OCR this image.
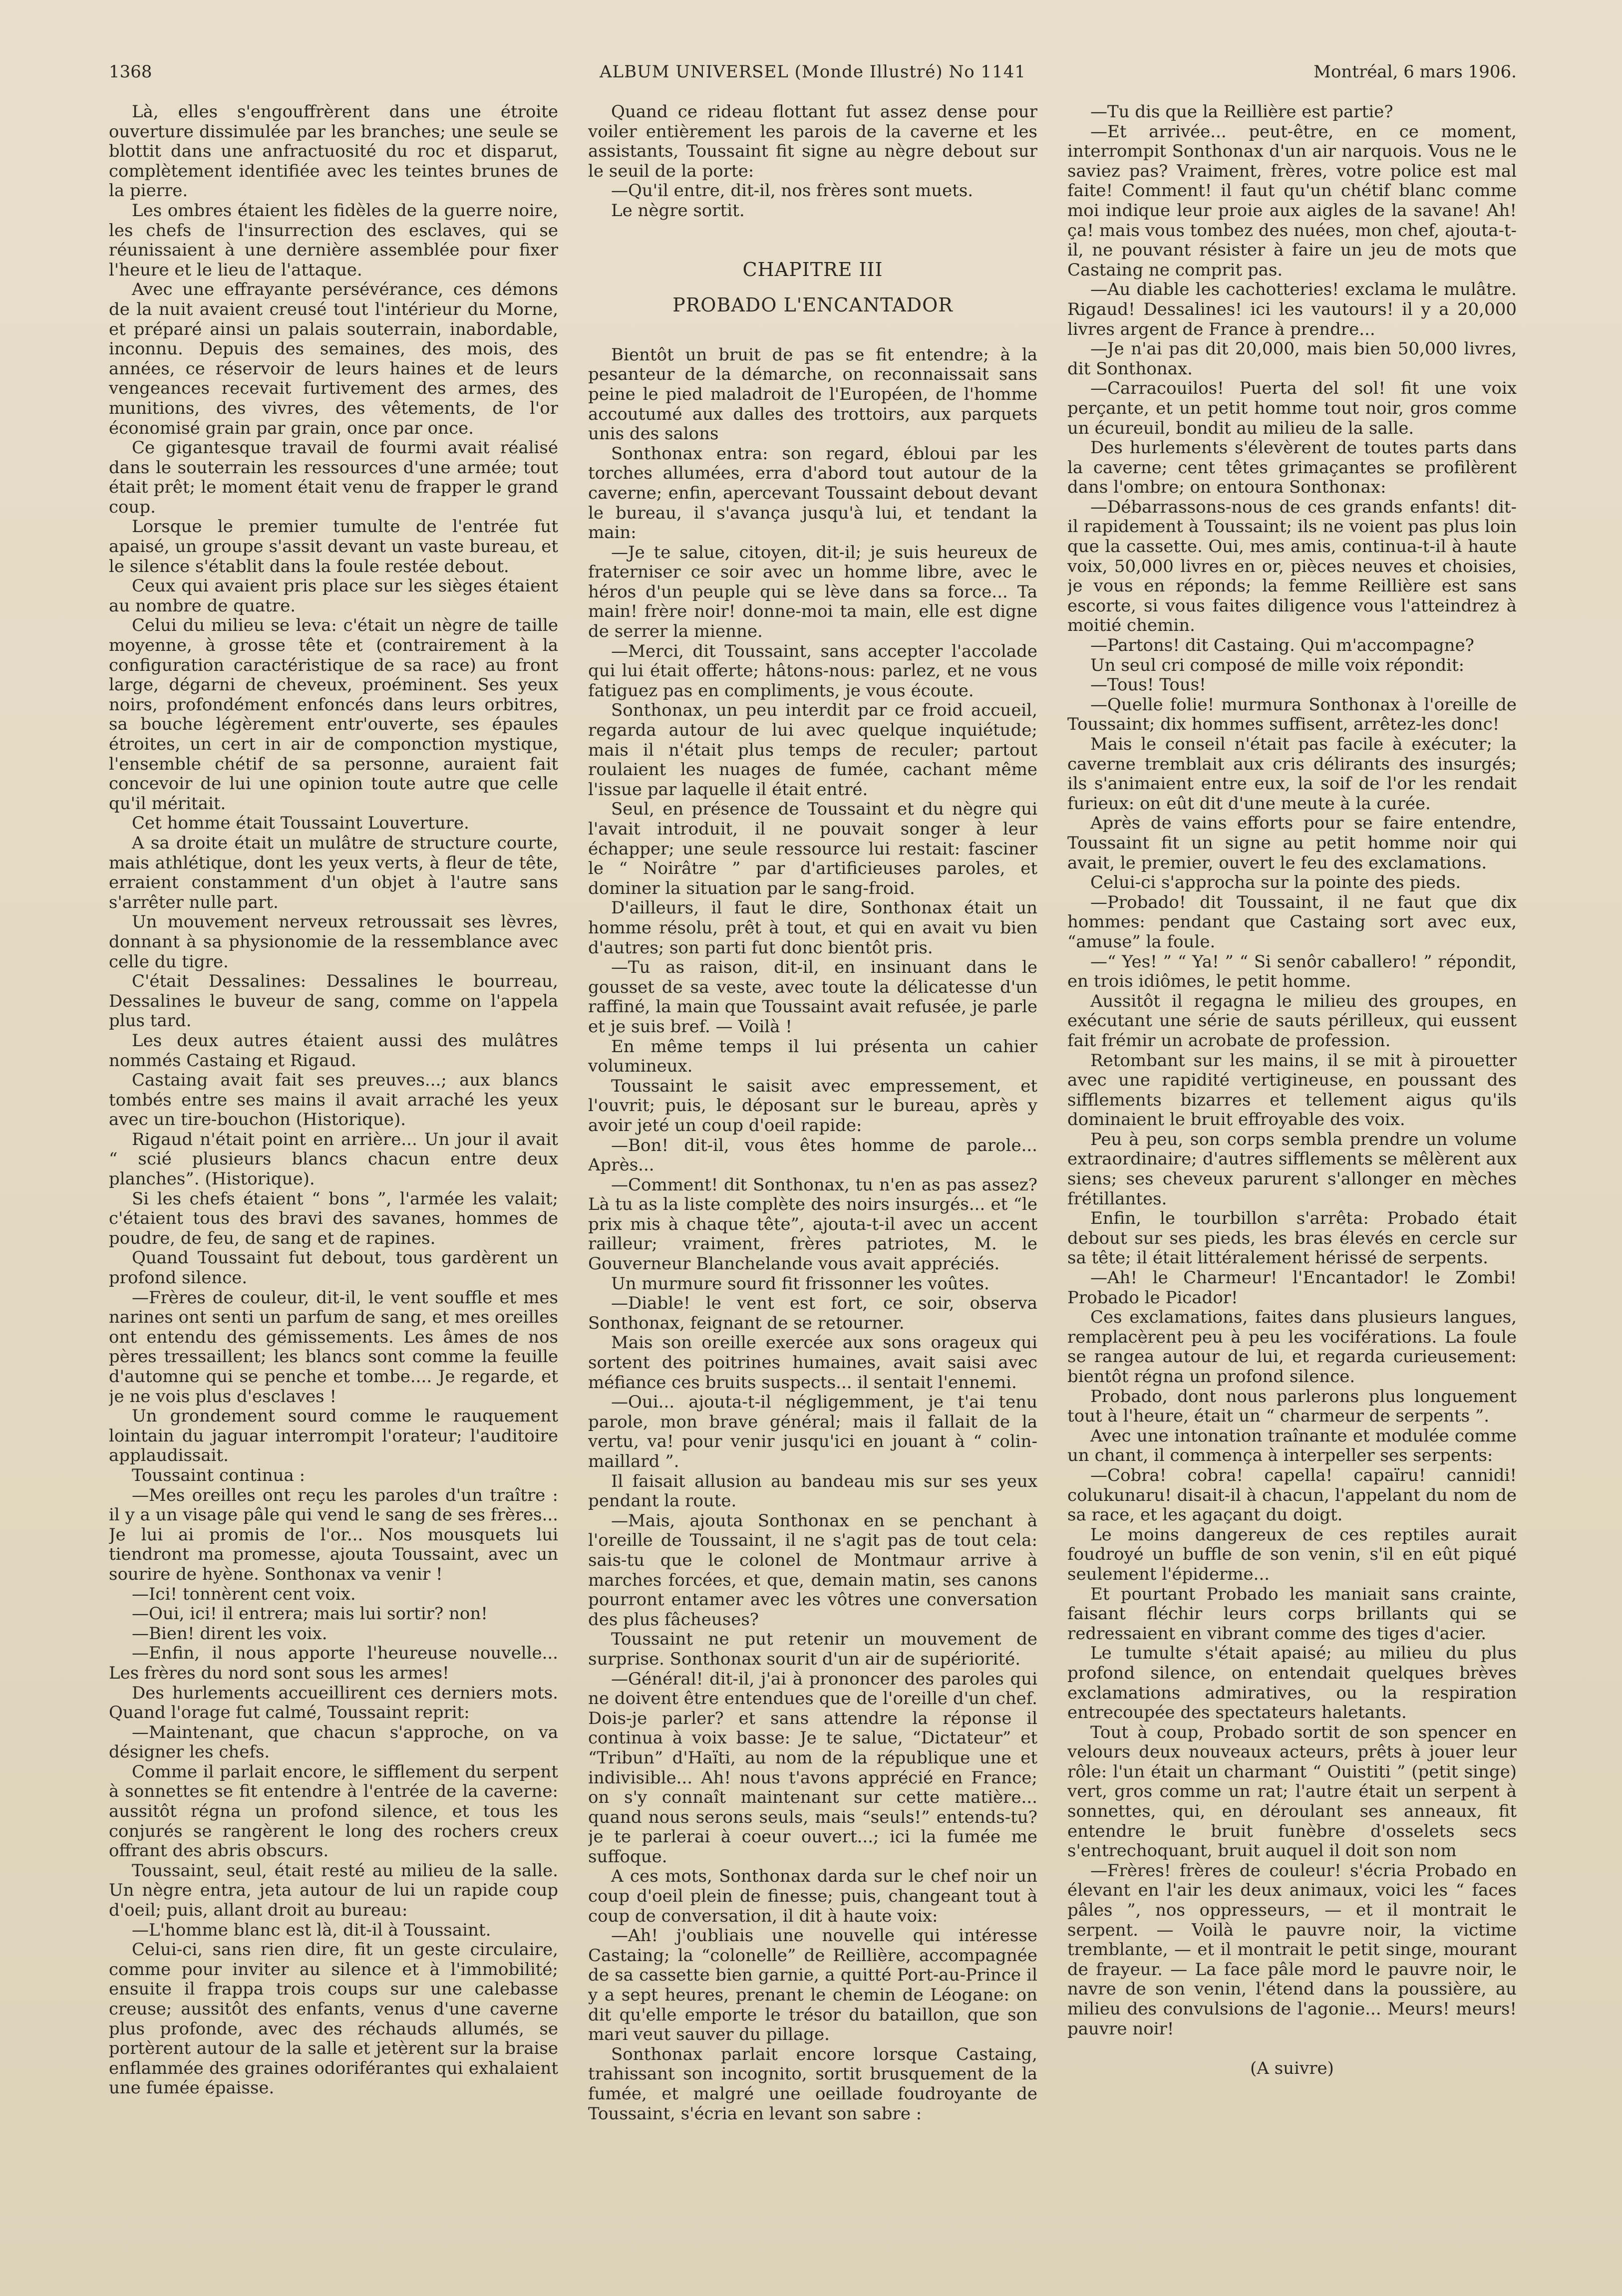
1368	ALBUM UNIVERSEL (Monde Illustré) No 1141	Montréal, 6 mars 1906.

Là, elles s'engouffrèrent dans une étroite ouverture dissimulée par les branches; une seule se blottit dans une anfractuosité du roc et disparut, complètement identifiée avec les teintes brunes de la pierre.

Les ombres étaient les fidèles de la guerre noire, les chefs de l'insurrection des esclaves, qui se réunissaient à une dernière assemblée pour fixer l'heure et le lieu de l'attaque.

Avec une effrayante persévérance, ces démons de la nuit avaient creusé tout l'intérieur du Morne, et préparé ainsi un palais souterrain, inabordable, inconnu. Depuis des semaines, des mois, des années, ce réservoir de leurs haines et de leurs vengeances recevait furtivement des armes, des munitions, des vivres, des vêtements, de l'or économisé grain par grain, once par once.

Ce gigantesque travail de fourmi avait réalisé dans le souterrain les ressources d'une armée; tout était prêt; le moment était venu de frapper le grand coup.

Lorsque le premier tumulte de l'entrée fut apaisé, un groupe s'assit devant un vaste bureau, et le silence s'établit dans la foule restée debout.

Ceux qui avaient pris place sur les sièges étaient au nombre de quatre.

Celui du milieu se leva: c'était un nègre de taille moyenne, à grosse tête et (contrairement à la configuration caractéristique de sa race) au front large, dégarni de cheveux, proéminent. Ses yeux noirs, profondément enfoncés dans leurs orbitres, sa bouche légèrement entr'ouverte, ses épaules étroites, un cert in air de componction mystique, l'ensemble chétif de sa personne, auraient fait concevoir de lui une opinion toute autre que celle qu'il méritait.

Cet homme était Toussaint Louverture.

A sa droite était un mulâtre de structure courte, mais athlétique, dont les yeux verts, à fleur de tête, erraient constamment d'un objet à l'autre sans s'arrêter nulle part.

Un mouvement nerveux retroussait ses lèvres, donnant à sa physionomie de la ressemblance avec celle du tigre.

C'était Dessalines: Dessalines le bourreau, Dessalines le buveur de sang, comme on l'appela plus tard.

Les deux autres étaient aussi des mulâtres nommés Castaing et Rigaud.

Castaing avait fait ses preuves...; aux blancs tombés entre ses mains il avait arraché les yeux avec un tire-bouchon (Historique).

Rigaud n'était point en arrière... Un jour il avait “ scié plusieurs blancs chacun entre deux planches”. (Historique).

Si les chefs étaient “ bons ”, l'armée les valait; c'étaient tous des bravi des savanes, hommes de poudre, de feu, de sang et de rapines.

Quand Toussaint fut debout, tous gardèrent un profond silence.

—Frères de couleur, dit-il, le vent souffle et mes narines ont senti un parfum de sang, et mes oreilles ont entendu des gémissements. Les âmes de nos pères tressaillent; les blancs sont comme la feuille d'automne qui se penche et tombe.... Je regarde, et je ne vois plus d'esclaves !

Un grondement sourd comme le rauquement lointain du jaguar interrompit l'orateur; l'auditoire applaudissait.

Toussaint continua :

—Mes oreilles ont reçu les paroles d'un traître : il y a un visage pâle qui vend le sang de ses frères... Je lui ai promis de l'or... Nos mousquets lui tiendront ma promesse, ajouta Toussaint, avec un sourire de hyène. Sonthonax va venir !

—Ici! tonnèrent cent voix.

—Oui, ici! il entrera; mais lui sortir? non!

—Bien! dirent les voix.

—Enfin, il nous apporte l'heureuse nouvelle... Les frères du nord sont sous les armes!

Des hurlements accueillirent ces derniers mots. Quand l'orage fut calmé, Toussaint reprit:

—Maintenant, que chacun s'approche, on va désigner les chefs.

Comme il parlait encore, le sifflement du serpent à sonnettes se fit entendre à l'entrée de la caverne: aussitôt régna un profond silence, et tous les conjurés se rangèrent le long des rochers creux offrant des abris obscurs.

Toussaint, seul, était resté au milieu de la salle. Un nègre entra, jeta autour de lui un rapide coup d'oeil; puis, allant droit au bureau:

—L'homme blanc est là, dit-il à Toussaint.

Celui-ci, sans rien dire, fit un geste circulaire, comme pour inviter au silence et à l'immobilité; ensuite il frappa trois coups sur une calebasse creuse; aussitôt des enfants, venus d'une caverne plus profonde, avec des réchauds allumés, se portèrent autour de la salle et jetèrent sur la braise enflammée des graines odoriférantes qui exhalaient une fumée épaisse.

Quand ce rideau flottant fut assez dense pour voiler entièrement les parois de la caverne et les assistants, Toussaint fit signe au nègre debout sur le seuil de la porte:

—Qu'il entre, dit-il, nos frères sont muets.

Le nègre sortit.

CHAPITRE III
PROBADO L'ENCANTADOR

Bientôt un bruit de pas se fit entendre; à la pesanteur de la démarche, on reconnaissait sans peine le pied maladroit de l'Européen, de l'homme accoutumé aux dalles des trottoirs, aux parquets unis des salons

Sonthonax entra: son regard, ébloui par les torches allumées, erra d'abord tout autour de la caverne; enfin, apercevant Toussaint debout devant le bureau, il s'avança jusqu'à lui, et tendant la main:

—Je te salue, citoyen, dit-il; je suis heureux de fraterniser ce soir avec un homme libre, avec le héros d'un peuple qui se lève dans sa force... Ta main! frère noir! donne-moi ta main, elle est digne de serrer la mienne.

—Merci, dit Toussaint, sans accepter l'accolade qui lui était offerte; hâtons-nous: parlez, et ne vous fatiguez pas en compliments, je vous écoute.

Sonthonax, un peu interdit par ce froid accueil, regarda autour de lui avec quelque inquiétude; mais il n'était plus temps de reculer; partout roulaient les nuages de fumée, cachant même l'issue par laquelle il était entré.

Seul, en présence de Toussaint et du nègre qui l'avait introduit, il ne pouvait songer à leur échapper; une seule ressource lui restait: fasciner le “ Noirâtre ” par d'artificieuses paroles, et dominer la situation par le sang-froid.

D'ailleurs, il faut le dire, Sonthonax était un homme résolu, prêt à tout, et qui en avait vu bien d'autres; son parti fut donc bientôt pris.

—Tu as raison, dit-il, en insinuant dans le gousset de sa veste, avec toute la délicatesse d'un raffiné, la main que Toussaint avait refusée, je parle et je suis bref. — Voilà !

En même temps il lui présenta un cahier volumineux.

Toussaint le saisit avec empressement, et l'ouvrit; puis, le déposant sur le bureau, après y avoir jeté un coup d'oeil rapide:

—Bon! dit-il, vous êtes homme de parole... Après...

—Comment! dit Sonthonax, tu n'en as pas assez? Là tu as la liste complète des noirs insurgés... et “le prix mis à chaque tête”, ajouta-t-il avec un accent railleur; vraiment, frères patriotes, M. le Gouverneur Blanchelande vous avait appréciés.

Un murmure sourd fit frissonner les voûtes.

—Diable! le vent est fort, ce soir, observa Sonthonax, feignant de se retourner.

Mais son oreille exercée aux sons orageux qui sortent des poitrines humaines, avait saisi avec méfiance ces bruits suspects... il sentait l'ennemi.

—Oui... ajouta-t-il négligemment, je t'ai tenu parole, mon brave général; mais il fallait de la vertu, va! pour venir jusqu'ici en jouant à “ colin-maillard ”.

Il faisait allusion au bandeau mis sur ses yeux pendant la route.

—Mais, ajouta Sonthonax en se penchant à l'oreille de Toussaint, il ne s'agit pas de tout cela: sais-tu que le colonel de Montmaur arrive à marches forcées, et que, demain matin, ses canons pourront entamer avec les vôtres une conversation des plus fâcheuses?

Toussaint ne put retenir un mouvement de surprise. Sonthonax sourit d'un air de supériorité.

—Général! dit-il, j'ai à prononcer des paroles qui ne doivent être entendues que de l'oreille d'un chef. Dois-je parler? et sans attendre la réponse il continua à voix basse: Je te salue, “Dictateur” et “Tribun” d'Haïti, au nom de la république une et indivisible... Ah! nous t'avons apprécié en France; on s'y connaît maintenant sur cette matière... quand nous serons seuls, mais “seuls!” entends-tu? je te parlerai à coeur ouvert...; ici la fumée me suffoque.

A ces mots, Sonthonax darda sur le chef noir un coup d'oeil plein de finesse; puis, changeant tout à coup de conversation, il dit à haute voix:

—Ah! j'oubliais une nouvelle qui intéresse Castaing; la “colonelle” de Reillière, accompagnée de sa cassette bien garnie, a quitté Port-au-Prince il y a sept heures, prenant le chemin de Léogane: on dit qu'elle emporte le trésor du bataillon, que son mari veut sauver du pillage.

Sonthonax parlait encore lorsque Castaing, trahissant son incognito, sortit brusquement de la fumée, et malgré une oeillade foudroyante de Toussaint, s'écria en levant son sabre :

—Tu dis que la Reillière est partie?

—Et arrivée... peut-être, en ce moment, interrompit Sonthonax d'un air narquois. Vous ne le saviez pas? Vraiment, frères, votre police est mal faite! Comment! il faut qu'un chétif blanc comme moi indique leur proie aux aigles de la savane! Ah! ça! mais vous tombez des nuées, mon chef, ajouta-t-il, ne pouvant résister à faire un jeu de mots que Castaing ne comprit pas.

—Au diable les cachotteries! exclama le mulâtre. Rigaud! Dessalines! ici les vautours! il y a 20,000 livres argent de France à prendre...

—Je n'ai pas dit 20,000, mais bien 50,000 livres, dit Sonthonax.

—Carracouilos! Puerta del sol! fit une voix perçante, et un petit homme tout noir, gros comme un écureuil, bondit au milieu de la salle.

Des hurlements s'élevèrent de toutes parts dans la caverne; cent têtes grimaçantes se profilèrent dans l'ombre; on entoura Sonthonax:

—Débarrassons-nous de ces grands enfants! dit-il rapidement à Toussaint; ils ne voient pas plus loin que la cassette. Oui, mes amis, continua-t-il à haute voix, 50,000 livres en or, pièces neuves et choisies, je vous en réponds; la femme Reillière est sans escorte, si vous faites diligence vous l'atteindrez à moitié chemin.

—Partons! dit Castaing. Qui m'accompagne?

Un seul cri composé de mille voix répondit:

—Tous! Tous!

—Quelle folie! murmura Sonthonax à l'oreille de Toussaint; dix hommes suffisent, arrêtez-les donc!

Mais le conseil n'était pas facile à exécuter; la caverne tremblait aux cris délirants des insurgés; ils s'animaient entre eux, la soif de l'or les rendait furieux: on eût dit d'une meute à la curée.

Après de vains efforts pour se faire entendre, Toussaint fit un signe au petit homme noir qui avait, le premier, ouvert le feu des exclamations.

Celui-ci s'approcha sur la pointe des pieds.

—Probado! dit Toussaint, il ne faut que dix hommes: pendant que Castaing sort avec eux, “amuse” la foule.

—“ Yes! ” “ Ya! ” “ Si senôr caballero! ” répondit, en trois idiômes, le petit homme.

Aussitôt il regagna le milieu des groupes, en exécutant une série de sauts périlleux, qui eussent fait frémir un acrobate de profession.

Retombant sur les mains, il se mit à pirouetter avec une rapidité vertigineuse, en poussant des sifflements bizarres et tellement aigus qu'ils dominaient le bruit effroyable des voix.

Peu à peu, son corps sembla prendre un volume extraordinaire; d'autres sifflements se mêlèrent aux siens; ses cheveux parurent s'allonger en mèches frétillantes.

Enfin, le tourbillon s'arrêta: Probado était debout sur ses pieds, les bras élevés en cercle sur sa tête; il était littéralement hérissé de serpents.

—Ah! le Charmeur! l'Encantador! le Zombi! Probado le Picador!

Ces exclamations, faites dans plusieurs langues, remplacèrent peu à peu les vociférations. La foule se rangea autour de lui, et regarda curieusement: bientôt régna un profond silence.

Probado, dont nous parlerons plus longuement tout à l'heure, était un “ charmeur de serpents ”.

Avec une intonation traînante et modulée comme un chant, il commença à interpeller ses serpents:

—Cobra! cobra! capella! capaïru! cannidi! colukunaru! disait-il à chacun, l'appelant du nom de sa race, et les agaçant du doigt.

Le moins dangereux de ces reptiles aurait foudroyé un buffle de son venin, s'il en eût piqué seulement l'épiderme...

Et pourtant Probado les maniait sans crainte, faisant fléchir leurs corps brillants qui se redressaient en vibrant comme des tiges d'acier.

Le tumulte s'était apaisé; au milieu du plus profond silence, on entendait quelques brèves exclamations admiratives, ou la respiration entrecoupée des spectateurs haletants.

Tout à coup, Probado sortit de son spencer en velours deux nouveaux acteurs, prêts à jouer leur rôle: l'un était un charmant “ Ouistiti ” (petit singe) vert, gros comme un rat; l'autre était un serpent à sonnettes, qui, en déroulant ses anneaux, fit entendre le bruit funèbre d'osselets secs s'entrechoquant, bruit auquel il doit son nom

—Frères! frères de couleur! s'écria Probado en élevant en l'air les deux animaux, voici les “ faces pâles ”, nos oppresseurs, — et il montrait le serpent. — Voilà le pauvre noir, la victime tremblante, — et il montrait le petit singe, mourant de frayeur. — La face pâle mord le pauvre noir, le navre de son venin, l'étend dans la poussière, au milieu des convulsions de l'agonie... Meurs! meurs! pauvre noir!

(A suivre)
